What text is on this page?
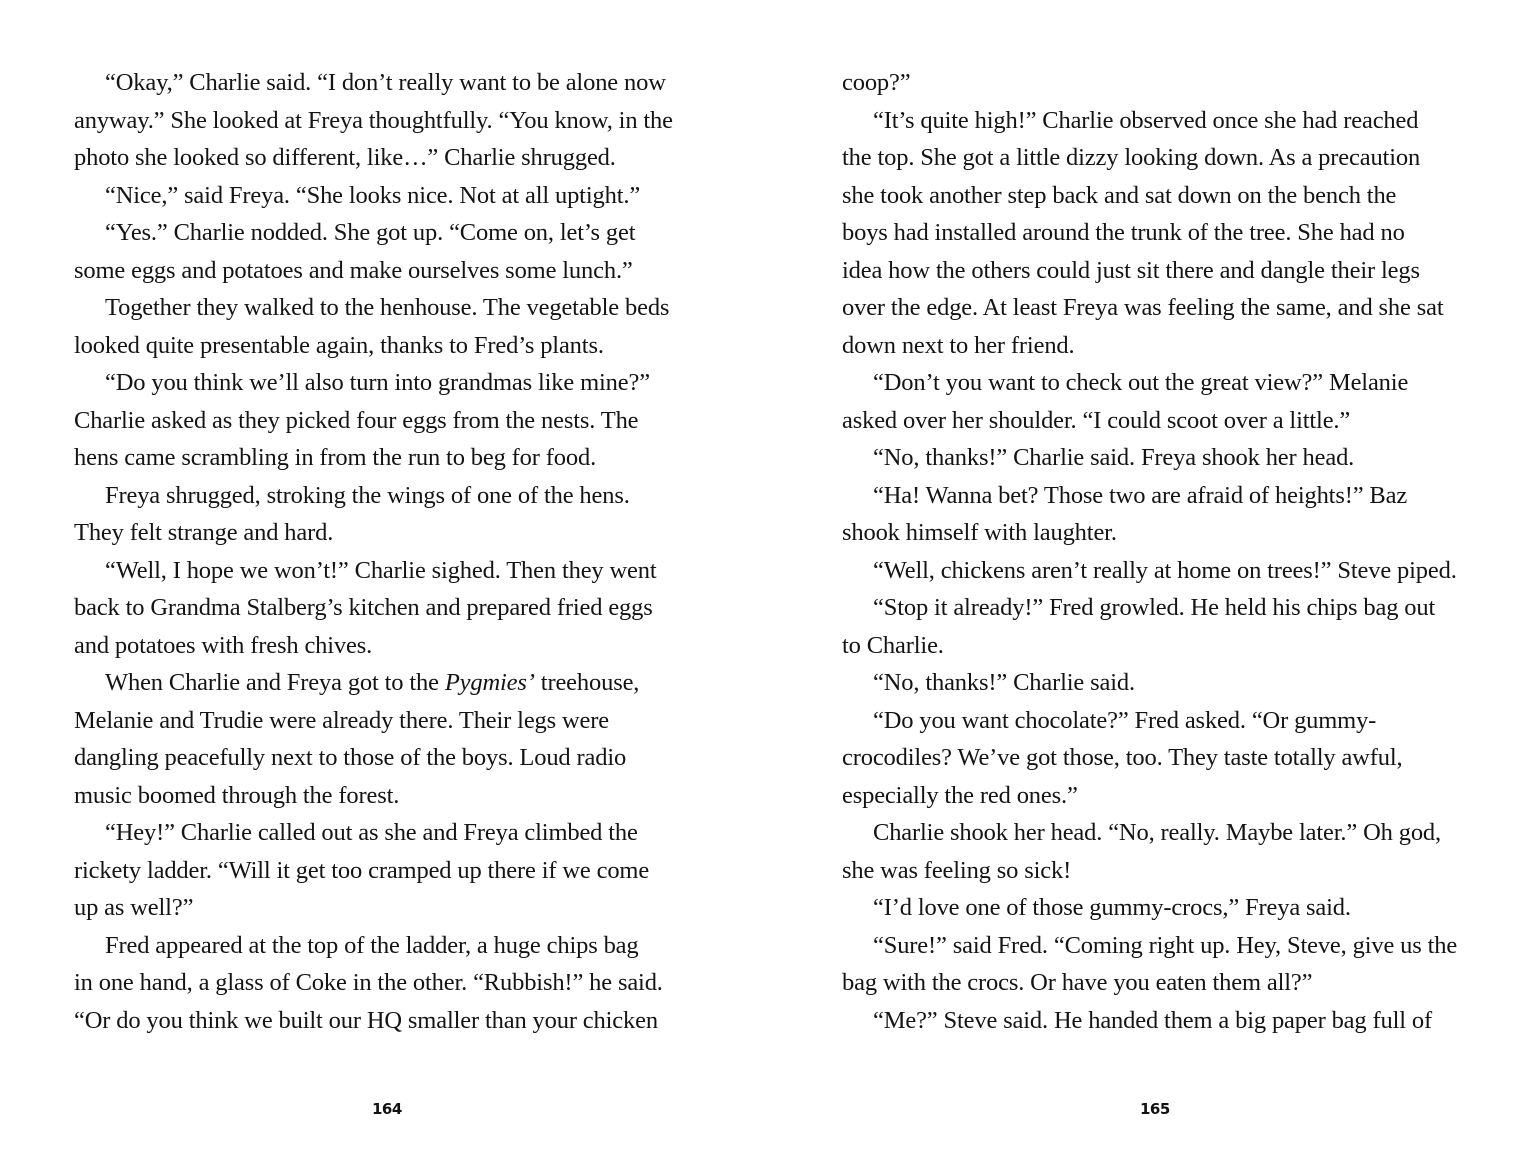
“Okay,” Charlie said. “I don’t really want to be alone now
anyway.” She looked at Freya thoughtfully. “You know, in the
photo she looked so different, like…” Charlie shrugged.
“Nice,” said Freya. “She looks nice. Not at all uptight.”
“Yes.” Charlie nodded. She got up. “Come on, let’s get
some eggs and potatoes and make ourselves some lunch.”
Together they walked to the henhouse. The vegetable beds
looked quite presentable again, thanks to Fred’s plants.
“Do you think we’ll also turn into grandmas like mine?”
Charlie asked as they picked four eggs from the nests. The
hens came scrambling in from the run to beg for food.
Freya shrugged, stroking the wings of one of the hens.
They felt strange and hard.
“Well, I hope we won’t!” Charlie sighed. Then they went
back to Grandma Stalberg’s kitchen and prepared fried eggs
and potatoes with fresh chives.
When Charlie and Freya got to the Pygmies’ treehouse,
Melanie and Trudie were already there. Their legs were
dangling peacefully next to those of the boys. Loud radio
music boomed through the forest.
“Hey!” Charlie called out as she and Freya climbed the
rickety ladder. “Will it get too cramped up there if we come
up as well?”
Fred appeared at the top of the ladder, a huge chips bag
in one hand, a glass of Coke in the other. “Rubbish!” he said.
“Or do you think we built our HQ smaller than your chicken
coop?”
“It’s quite high!” Charlie observed once she had reached
the top. She got a little dizzy looking down. As a precaution
she took another step back and sat down on the bench the
boys had installed around the trunk of the tree. She had no
idea how the others could just sit there and dangle their legs
over the edge. At least Freya was feeling the same, and she sat
down next to her friend.
“Don’t you want to check out the great view?” Melanie
asked over her shoulder. “I could scoot over a little.”
“No, thanks!” Charlie said. Freya shook her head.
“Ha! Wanna bet? Those two are afraid of heights!” Baz
shook himself with laughter.
“Well, chickens aren’t really at home on trees!” Steve piped.
“Stop it already!” Fred growled. He held his chips bag out
to Charlie.
“No, thanks!” Charlie said.
“Do you want chocolate?” Fred asked. “Or gummy-
crocodiles? We’ve got those, too. They taste totally awful,
especially the red ones.”
Charlie shook her head. “No, really. Maybe later.” Oh god,
she was feeling so sick!
“I’d love one of those gummy-crocs,” Freya said.
“Sure!” said Fred. “Coming right up. Hey, Steve, give us the
bag with the crocs. Or have you eaten them all?”
“Me?” Steve said. He handed them a big paper bag full of
164	165
